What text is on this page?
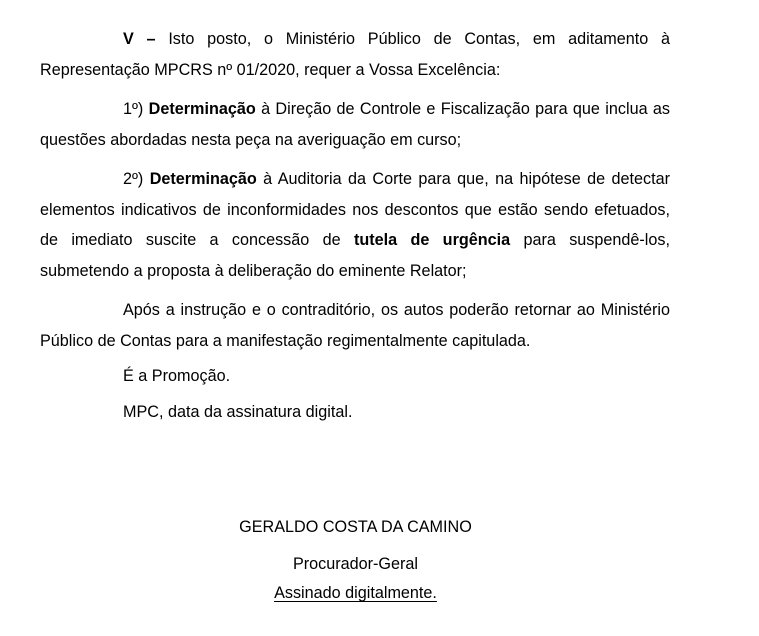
V – Isto posto, o Ministério Público de Contas, em aditamento à Representação MPCRS nº 01/2020, requer a Vossa Excelência:

1º) Determinação à Direção de Controle e Fiscalização para que inclua as questões abordadas nesta peça na averiguação em curso;

2º) Determinação à Auditoria da Corte para que, na hipótese de detectar elementos indicativos de inconformidades nos descontos que estão sendo efetuados, de imediato suscite a concessão de tutela de urgência para suspendê-los, submetendo a proposta à deliberação do eminente Relator;

Após a instrução e o contraditório, os autos poderão retornar ao Ministério Público de Contas para a manifestação regimentalmente capitulada.

É a Promoção.

MPC, data da assinatura digital.

GERALDO COSTA DA CAMINO
Procurador-Geral
Assinado digitalmente.
